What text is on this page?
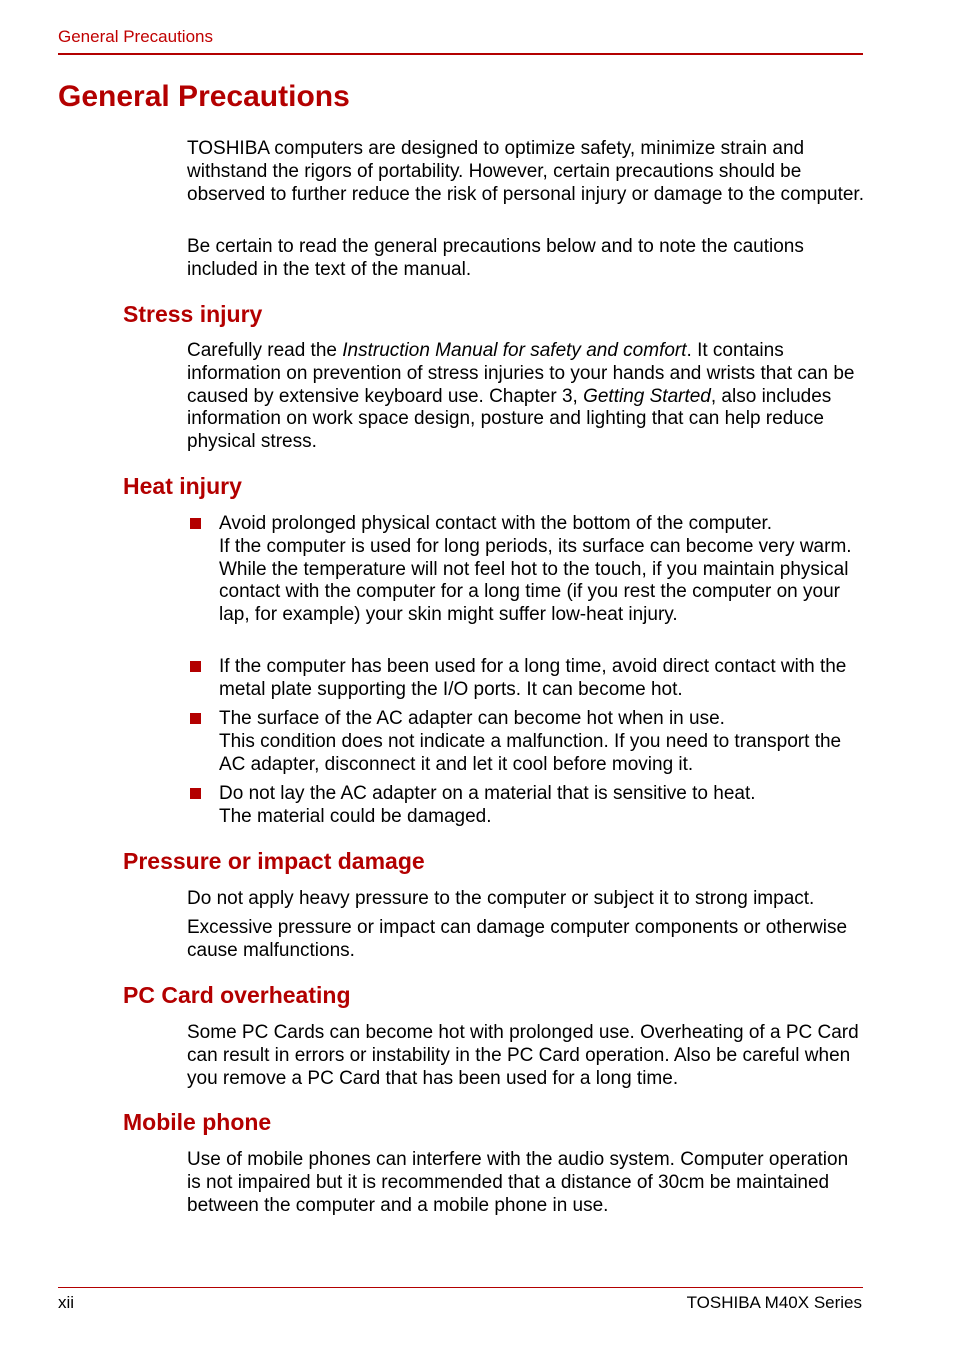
General Precautions
General Precautions

TOSHIBA computers are designed to optimize safety, minimize strain and withstand the rigors of portability. However, certain precautions should be observed to further reduce the risk of personal injury or damage to the computer.

Be certain to read the general precautions below and to note the cautions included in the text of the manual.

Stress injury

Carefully read the Instruction Manual for safety and comfort. It contains information on prevention of stress injuries to your hands and wrists that can be caused by extensive keyboard use. Chapter 3, Getting Started, also includes information on work space design, posture and lighting that can help reduce physical stress.

Heat injury

Avoid prolonged physical contact with the bottom of the computer.
If the computer is used for long periods, its surface can become very warm. While the temperature will not feel hot to the touch, if you maintain physical contact with the computer for a long time (if you rest the computer on your lap, for example) your skin might suffer low-heat injury.

If the computer has been used for a long time, avoid direct contact with the metal plate supporting the I/O ports. It can become hot.

The surface of the AC adapter can become hot when in use.
This condition does not indicate a malfunction. If you need to transport the AC adapter, disconnect it and let it cool before moving it.

Do not lay the AC adapter on a material that is sensitive to heat.
The material could be damaged.

Pressure or impact damage

Do not apply heavy pressure to the computer or subject it to strong impact.

Excessive pressure or impact can damage computer components or otherwise cause malfunctions.

PC Card overheating

Some PC Cards can become hot with prolonged use. Overheating of a PC Card can result in errors or instability in the PC Card operation. Also be careful when you remove a PC Card that has been used for a long time.

Mobile phone

Use of mobile phones can interfere with the audio system. Computer operation is not impaired but it is recommended that a distance of 30cm be maintained between the computer and a mobile phone in use.

xii	TOSHIBA M40X Series
